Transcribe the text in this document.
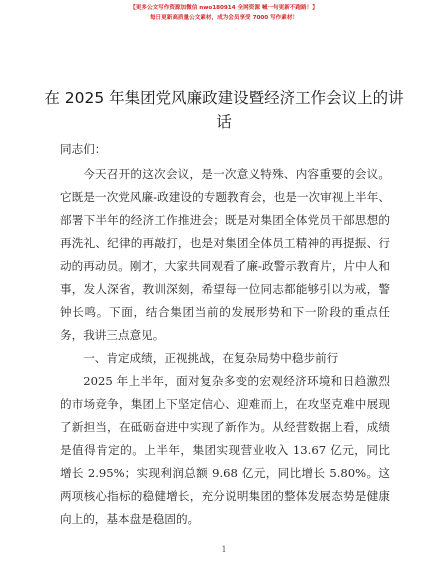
【更多公文写作资源加微信 nwo180914 全网资源 喊一句更新不跑路！】
每日更新高质量公文素材，成为会员享受 7000 写作素材！
在 2025 年集团党风廉政建设暨经济工作会议上的讲话

同志们：

今天召开的这次会议，是一次意义特殊、内容重要的会议。它既是一次党风廉-政建设的专题教育会，也是一次审视上半年、部署下半年的经济工作推进会；既是对集团全体党员干部思想的再洗礼、纪律的再敲打，也是对集团全体员工精神的再提振、行动的再动员。刚才，大家共同观看了廉-政警示教育片，片中人和事，发人深省，教训深刻，希望每一位同志都能够引以为戒，警钟长鸣。下面，结合集团当前的发展形势和下一阶段的重点任务，我讲三点意见。

一、肯定成绩，正视挑战，在复杂局势中稳步前行

2025 年上半年，面对复杂多变的宏观经济环境和日趋激烈的市场竞争，集团上下坚定信心、迎难而上，在攻坚克难中展现了新担当，在砥砺奋进中实现了新作为。从经营数据上看，成绩是值得肯定的。上半年，集团实现营业收入 13.67 亿元，同比增长 2.95%；实现利润总额 9.68 亿元，同比增长 5.80%。这两项核心指标的稳健增长，充分说明集团的整体发展态势是健康向上的，基本盘是稳固的。

1
